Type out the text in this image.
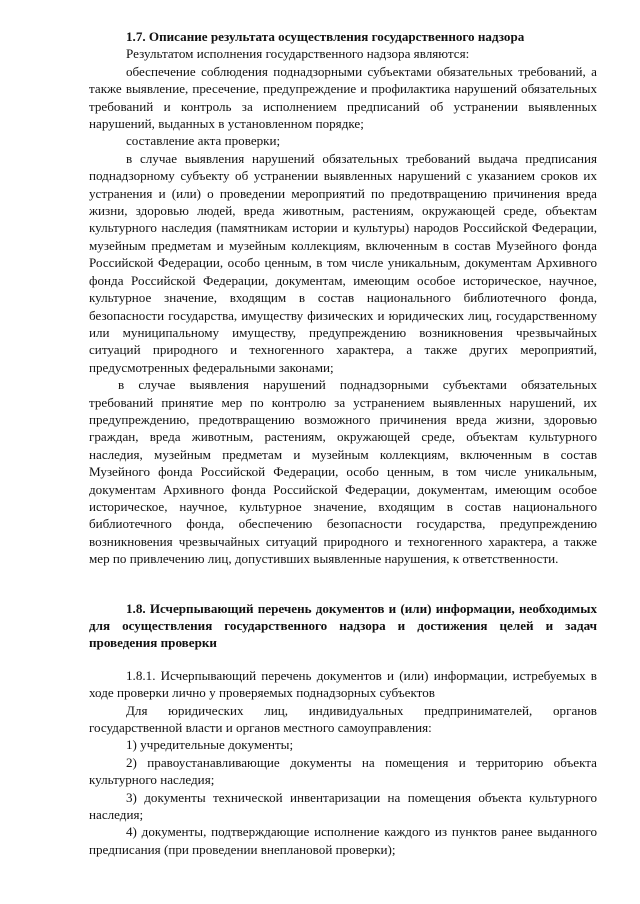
1.7. Описание результата осуществления государственного надзора

Результатом исполнения государственного надзора являются:

обеспечение соблюдения поднадзорными субъектами обязательных требований, а также выявление, пресечение, предупреждение и профилактика нарушений обязательных требований и контроль за исполнением предписаний об устранении выявленных нарушений, выданных в установленном порядке;

составление акта проверки;

в случае выявления нарушений обязательных требований выдача предписания поднадзорному субъекту об устранении выявленных нарушений с указанием сроков их устранения и (или) о проведении мероприятий по предотвращению причинения вреда жизни, здоровью людей, вреда животным, растениям, окружающей среде, объектам культурного наследия (памятникам истории и культуры) народов Российской Федерации, музейным предметам и музейным коллекциям, включенным в состав Музейного фонда Российской Федерации, особо ценным, в том числе уникальным, документам Архивного фонда Российской Федерации, документам, имеющим особое историческое, научное, культурное значение, входящим в состав национального библиотечного фонда, безопасности государства, имуществу физических и юридических лиц, государственному или муниципальному имуществу, предупреждению возникновения чрезвычайных ситуаций природного и техногенного характера, а также других мероприятий, предусмотренных федеральными законами;

в случае выявления нарушений поднадзорными субъектами обязательных требований принятие мер по контролю за устранением выявленных нарушений, их предупреждению, предотвращению возможного причинения вреда жизни, здоровью граждан, вреда животным, растениям, окружающей среде, объектам культурного наследия, музейным предметам и музейным коллекциям, включенным в состав Музейного фонда Российской Федерации, особо ценным, в том числе уникальным, документам Архивного фонда Российской Федерации, документам, имеющим особое историческое, научное, культурное значение, входящим в состав национального библиотечного фонда, обеспечению безопасности государства, предупреждению возникновения чрезвычайных ситуаций природного и техногенного характера, а также мер по привлечению лиц, допустивших выявленные нарушения, к ответственности.

1.8. Исчерпывающий перечень документов и (или) информации, необходимых для осуществления государственного надзора и достижения целей и задач проведения проверки

1.8.1. Исчерпывающий перечень документов и (или) информации, истребуемых в ходе проверки лично у проверяемых поднадзорных субъектов

Для юридических лиц, индивидуальных предпринимателей, органов государственной власти и органов местного самоуправления:

1) учредительные документы;
2) правоустанавливающие документы на помещения и территорию объекта культурного наследия;
3) документы технической инвентаризации на помещения объекта культурного наследия;
4) документы, подтверждающие исполнение каждого из пунктов ранее выданного предписания (при проведении внеплановой проверки);
